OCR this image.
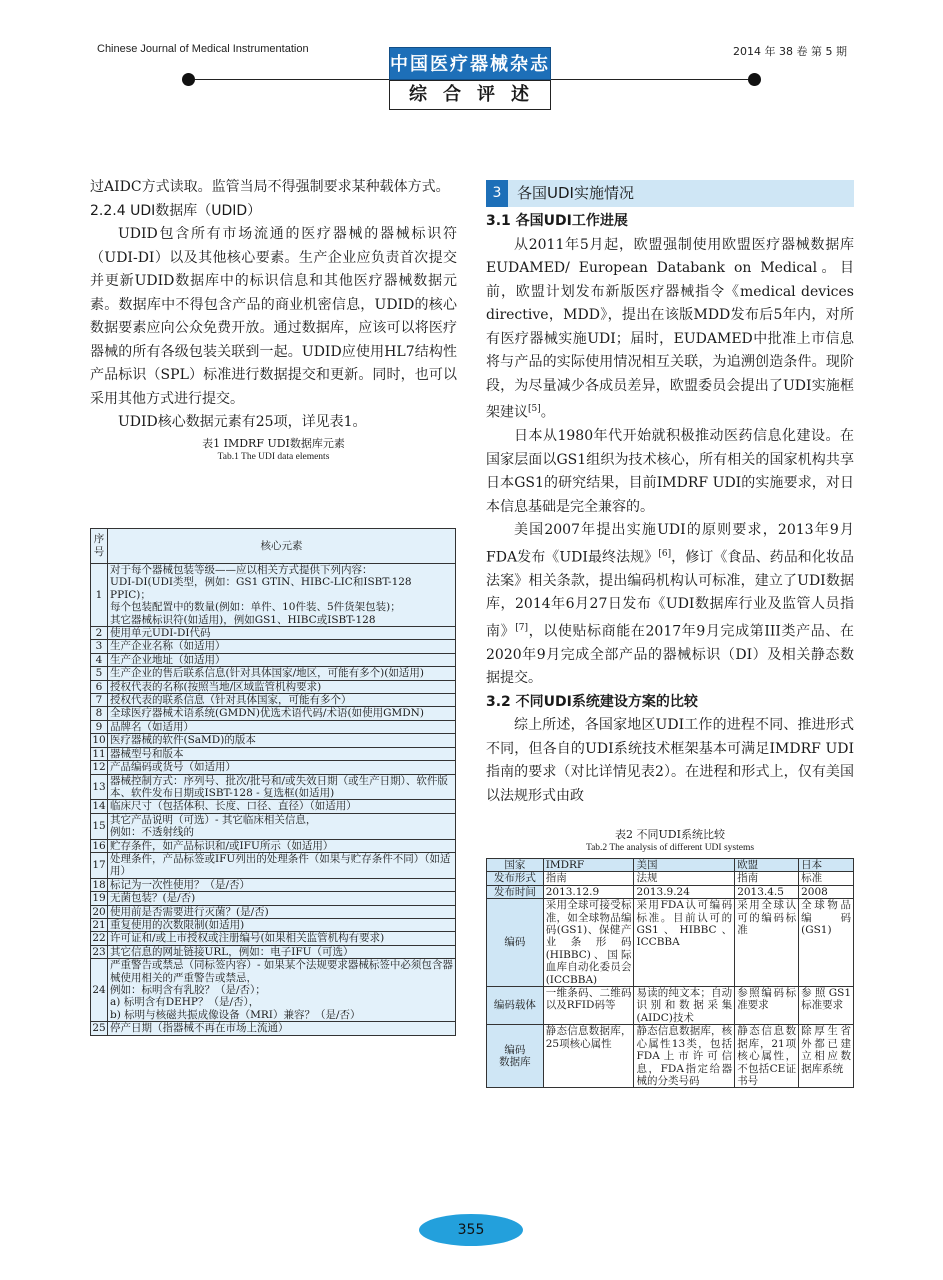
Chinese Journal of Medical Instrumentation	2014 年 38 卷 第 5 期
中国医疗器械杂志
综合评述

过AIDC方式读取。监管当局不得强制要求某种载体方式。

2.2.4 UDI数据库（UDID）

UDID包含所有市场流通的医疗器械的器械标识符（UDI-DI）以及其他核心要素。生产企业应负责首次提交并更新UDID数据库中的标识信息和其他医疗器械数据元素。数据库中不得包含产品的商业机密信息，UDID的核心数据要素应向公众免费开放。通过数据库，应该可以将医疗器械的所有各级包装关联到一起。UDID应使用HL7结构性产品标识（SPL）标准进行数据提交和更新。同时，也可以采用其他方式进行提交。

UDID核心数据元素有25项，详见表1。

表1 IMDRF UDI数据库元素
Tab.1 The UDI data elements
序号	核心元素
1	对于每个器械包装等级——应以相关方式提供下列内容：
UDI-DI(UDI类型，例如：GS1 GTIN、HIBC-LIC和ISBT-128 PPIC)；
每个包装配置中的数量(例如：单件、10件装、5件货架包装)；
其它器械标识符(如适用)，例如GS1、HIBC或ISBT-128
2	使用单元UDI-DI代码
3	生产企业名称（如适用）
4	生产企业地址（如适用）
5	生产企业的售后联系信息(针对具体国家/地区，可能有多个)(如适用)
6	授权代表的名称(按照当地/区域监管机构要求)
7	授权代表的联系信息（针对具体国家，可能有多个）
8	全球医疗器械术语系统(GMDN)优选术语代码/术语(如使用GMDN)
9	品牌名（如适用）
10	医疗器械的软件(SaMD)的版本
11	器械型号和版本
12	产品编码或货号（如适用）
13	器械控制方式：序列号、批次/批号和/或失效日期（或生产日期）、软件版本、软件发布日期或ISBT-128 - 复选框(如适用)
14	临床尺寸（包括体积、长度、口径、直径）（如适用）
15	其它产品说明（可选）- 其它临床相关信息，
例如：不透射线的
16	贮存条件，如产品标识和/或IFU所示（如适用）
17	处理条件，产品标签或IFU列出的处理条件（如果与贮存条件不同）（如适用）
18	标记为一次性使用？（是/否）
19	无菌包装？(是/否)
20	使用前是否需要进行灭菌？(是/否)
21	重复使用的次数限制(如适用)
22	许可证和/或上市授权或注册编号(如果相关监管机构有要求)
23	其它信息的网址链接URL，例如：电子IFU（可选）
24	严重警告或禁忌（同标签内容）- 如果某个法规要求器械标签中必须包含器械使用相关的严重警告或禁忌，
例如：标明含有乳胶？（是/否）；
a) 标明含有DEHP？（是/否），
b) 标明与核磁共振成像设备（MRI）兼容？（是/否）
25	停产日期（指器械不再在市场上流通）
3	各国UDI实施情况

3.1 各国UDI工作进展

从2011年5月起，欧盟强制使用欧盟医疗器械数据库EUDAMED/ European Databank on Medical。目前，欧盟计划发布新版医疗器械指令《medical devices directive，MDD》，提出在该版MDD发布后5年内，对所有医疗器械实施UDI；届时，EUDAMED中批准上市信息将与产品的实际使用情况相互关联，为追溯创造条件。现阶段，为尽量减少各成员差异，欧盟委员会提出了UDI实施框架建议[5]。

日本从1980年代开始就积极推动医药信息化建设。在国家层面以GS1组织为技术核心，所有相关的国家机构共享日本GS1的研究结果，目前IMDRF UDI的实施要求，对日本信息基础是完全兼容的。

美国2007年提出实施UDI的原则要求，2013年9月FDA发布《UDI最终法规》[6]，修订《食品、药品和化妆品法案》相关条款，提出编码机构认可标准，建立了UDI数据库，2014年6月27日发布《UDI数据库行业及监管人员指南》[7]，以使贴标商能在2017年9月完成第III类产品、在2020年9月完成全部产品的器械标识（DI）及相关静态数据提交。

3.2 不同UDI系统建设方案的比较

综上所述，各国家地区UDI工作的进程不同、推进形式不同，但各自的UDI系统技术框架基本可满足IMDRF UDI指南的要求（对比详情见表2）。在进程和形式上，仅有美国以法规形式由政

表2 不同UDI系统比较
Tab.2 The analysis of different UDI systems
国家	IMDRF	美国	欧盟	日本
发布形式	指南	法规	指南	标准
发布时间	2013.12.9	2013.9.24	2013.4.5	2008
编码	采用全球可接受标准，如全球物品编码(GS1)、保健产业条形码(HIBBC)、国际血库自动化委员会(ICCBBA)	采用FDA认可编码标准。目前认可的GS1、HIBBC、ICCBBA	采用全球认可的编码标准	全球物品编码(GS1)
编码载体	一维条码、二维码以及RFID码等	易读的纯文本；自动识别和数据采集(AIDC)技术	参照编码标准要求	参照GS1标准要求
编码
数据库	静态信息数据库，25项核心属性	静态信息数据库，核心属性13类，包括FDA上市许可信息，FDA指定给器械的分类号码	静态信息数据库，21项核心属性，不包括CE证书号	除厚生省外都已建立相应数据库系统
355
